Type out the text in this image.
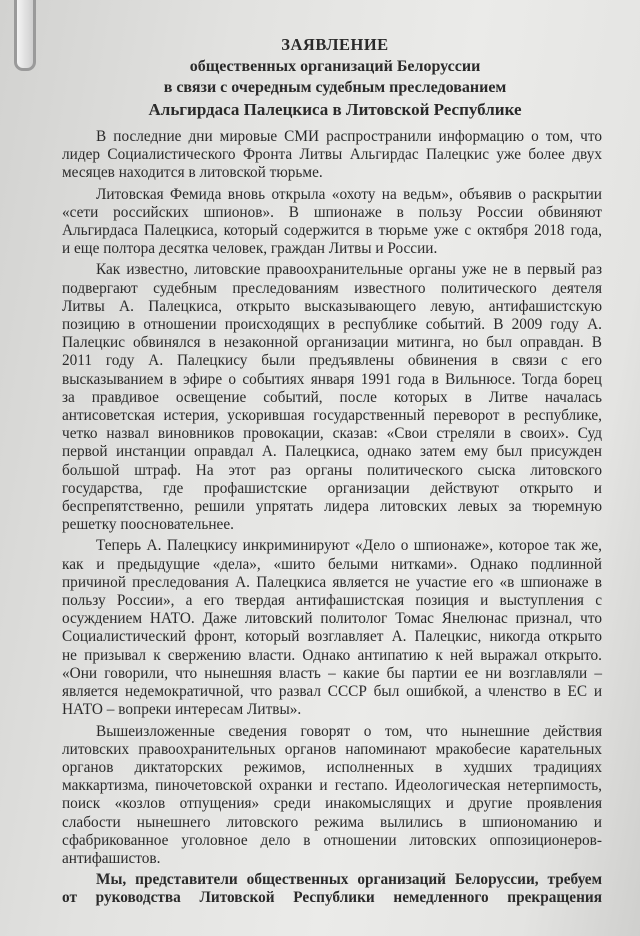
ЗАЯВЛЕНИЕ
общественных организаций Белоруссии
в связи с очередным судебным преследованием
Альгирдаса Палецкиса в Литовской Республике
В последние дни мировые СМИ распространили информацию о том, что
лидер Социалистического Фронта Литвы Альгирдас Палецкис уже более двух
месяцев находится в литовской тюрьме.
Литовская Фемида вновь открыла «охоту на ведьм», объявив о раскрытии
«сети российских шпионов». В шпионаже в пользу России обвиняют
Альгирдаса Палецкиса, который содержится в тюрьме уже с октября 2018 года,
и еще полтора десятка человек, граждан Литвы и России.
Как известно, литовские правоохранительные органы уже не в первый раз
подвергают судебным преследованиям известного политического деятеля
Литвы А. Палецкиса, открыто высказывающего левую, антифашистскую
позицию в отношении происходящих в республике событий. В 2009 году А.
Палецкис обвинялся в незаконной организации митинга, но был оправдан. В
2011 году А. Палецкису были предъявлены обвинения в связи с его
высказыванием в эфире о событиях января 1991 года в Вильнюсе. Тогда борец
за правдивое освещение событий, после которых в Литве началась
антисоветская истерия, ускорившая государственный переворот в республике,
четко назвал виновников провокации, сказав: «Свои стреляли в своих». Суд
первой инстанции оправдал А. Палецкиса, однако затем ему был присужден
большой штраф. На этот раз органы политического сыска литовского
государства, где профашистские организации действуют открыто и
беспрепятственно, решили упрятать лидера литовских левых за тюремную
решетку поосновательнее.
Теперь А. Палецкису инкриминируют «Дело о шпионаже», которое так же,
как и предыдущие «дела», «шито белыми нитками». Однако подлинной
причиной преследования А. Палецкиса является не участие его «в шпионаже в
пользу России», а его твердая антифашистская позиция и выступления с
осуждением НАТО. Даже литовский политолог Томас Янелюнас признал, что
Социалистический фронт, который возглавляет А. Палецкис, никогда открыто
не призывал к свержению власти. Однако антипатию к ней выражал открыто.
«Они говорили, что нынешняя власть – какие бы партии ее ни возглавляли –
является недемократичной, что развал СССР был ошибкой, а членство в ЕС и
НАТО – вопреки интересам Литвы».
Вышеизложенные сведения говорят о том, что нынешние действия
литовских правоохранительных органов напоминают мракобесие карательных
органов диктаторских режимов, исполненных в худших традициях
маккартизма, пиночетовской охранки и гестапо. Идеологическая нетерпимость,
поиск «козлов отпущения» среди инакомыслящих и другие проявления
слабости нынешнего литовского режима вылились в шпиономанию и
сфабрикованное уголовное дело в отношении литовских оппозиционеров-
антифашистов.
Мы, представители общественных организаций Белоруссии, требуем
от руководства Литовской Республики немедленного прекращения
